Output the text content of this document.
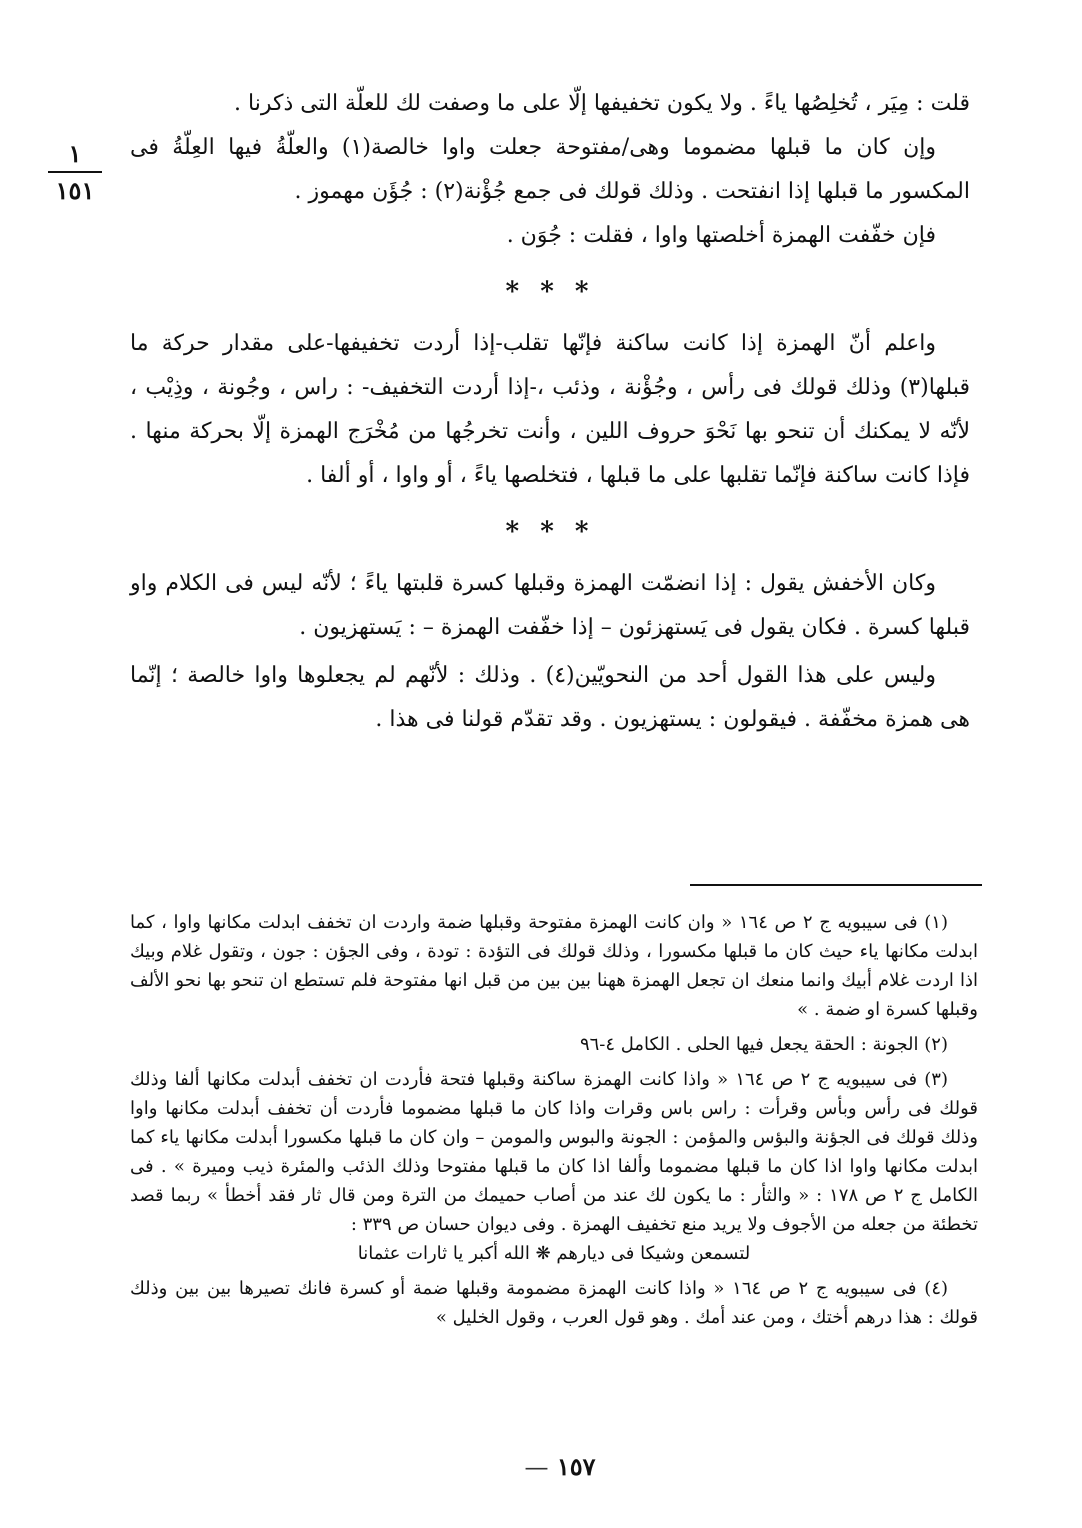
١
١٥١

قلت : مِيَر ، تُخلِصُها ياءً . ولا يكون تخفيفها إلّا على ما وصفت لك للعلّة التى ذكرنا .

وإن كان ما قبلها مضموما وهى/مفتوحة جعلت واوا خالصة(١) والعلّةُ فيها العِلّةُ فى المكسور ما قبلها إذا انفتحت . وذلك قولك فى جمع جُؤْنة(٢) : جُؤَن مهموز .

فإن خفّفت الهمزة أخلصتها واوا ، فقلت : جُوَن .

* * *

واعلم أنّ الهمزة إذا كانت ساكنة فإنّها تقلب-إذا أردت تخفيفها-على مقدار حركة ما قبلها(٣) وذلك قولك فى رأس ، وجُؤْنة ، وذئب ،-إذا أردت التخفيف- : راس ، وجُونة ، وذِيْب ، لأنّه لا يمكنك أن تنحو بها نَحْوَ حروف اللين ، وأنت تخرجُها من مُخْرَج الهمزة إلّا بحركة منها . فإذا كانت ساكنة فإنّما تقلبها على ما قبلها ، فتخلصها ياءً ، أو واوا ، أو ألفا .

* * *

وكان الأخفش يقول : إذا انضمّت الهمزة وقبلها كسرة قلبتها ياءً ؛ لأنّه ليس فى الكلام واو قبلها كسرة . فكان يقول فى يَستهزئون – إذا خفّفت الهمزة – : يَستهزيون .

وليس على هذا القول أحد من النحويّين(٤) . وذلك : لأنّهم لم يجعلوها واوا خالصة ؛ إنّما هى همزة مخفّفة . فيقولون : يستهزيون . وقد تقدّم قولنا فى هذا .

(١) فى سيبويه ج ٢ ص ١٦٤ « وان كانت الهمزة مفتوحة وقبلها ضمة واردت ان تخفف ابدلت مكانها واوا ، كما ابدلت مكانها ياء حيث كان ما قبلها مكسورا ، وذلك قولك فى التؤدة : تودة ، وفى الجؤن : جون ، وتقول غلام وبيك اذا اردت غلام أبيك وانما منعك ان تجعل الهمزة ههنا بين بين من قبل انها مفتوحة فلم تستطع ان تنحو بها نحو الألف وقبلها كسرة او ضمة . »

(٢) الجونة : الحقة يجعل فيها الحلى . الكامل ٤-٩٦

(٣) فى سيبويه ج ٢ ص ١٦٤ « واذا كانت الهمزة ساكنة وقبلها فتحة فأردت ان تخفف أبدلت مكانها ألفا وذلك قولك فى رأس وبأس وقرأت : راس باس وقرات واذا كان ما قبلها مضموما فأردت أن تخفف أبدلت مكانها واوا وذلك قولك فى الجؤنة والبؤس والمؤمن : الجونة والبوس والمومن – وان كان ما قبلها مكسورا أبدلت مكانها ياء كما ابدلت مكانها واوا اذا كان ما قبلها مضموما وألفا اذا كان ما قبلها مفتوحا وذلك الذئب والمئرة ذيب وميرة » . فى الكامل ج ٢ ص ١٧٨ : « والثأر : ما يكون لك عند من أصاب حميمك من الترة ومن قال ثار فقد أخطأ » ربما قصد تخطئة من جعله من الأجوف ولا يريد منع تخفيف الهمزة . وفى ديوان حسان ص ٣٣٩ :

لتسمعن وشيكا فى ديارهم ❋ الله أكبر يا ثارات عثمانا

(٤) فى سيبويه ج ٢ ص ١٦٤ « واذا كانت الهمزة مضمومة وقبلها ضمة أو كسرة فانك تصيرها بين بين وذلك قولك : هذا درهم أختك ، ومن عند أمك . وهو قول العرب ، وقول الخليل »

١٥٧ —
